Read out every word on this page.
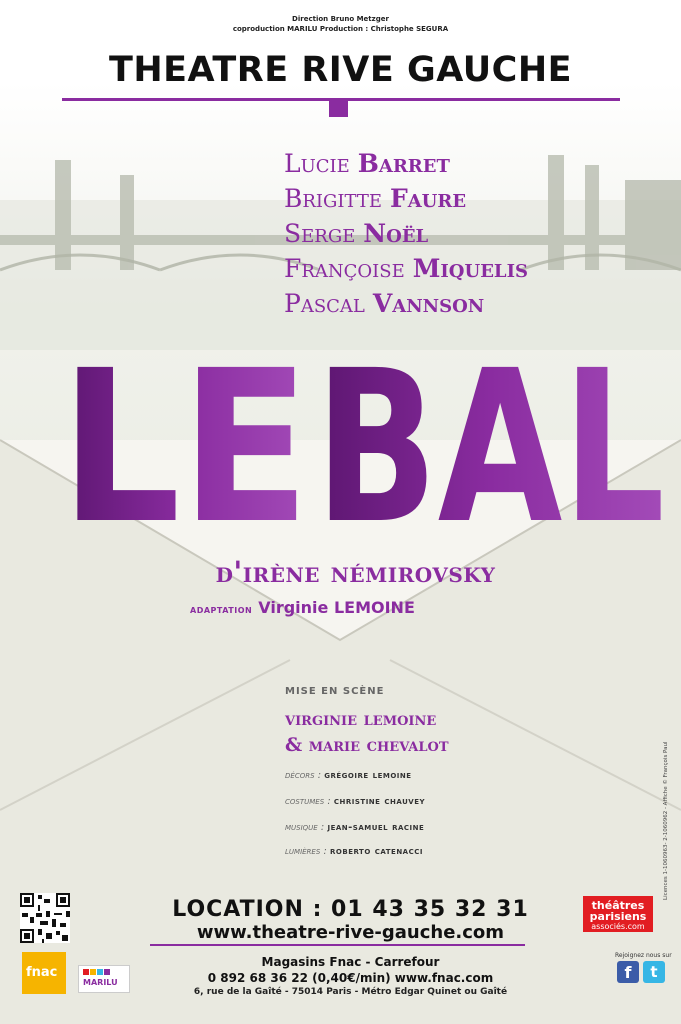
Direction Bruno Metzger
coproduction MARILU Production : Christophe SEGURA
THEATRE RIVE GAUCHE
Lucie Barret
Brigitte Faure
Serge Noël
Françoise Miquelis
Pascal Vannson
LE BAL
d'irène némirovsky
adaptation Virginie LEMOINE
MISE EN SCÈNE
virginie lemoine
& marie chevalot
décors : grégoire lemoine
costumes : christine chauvey
musique : jean-samuel racine
lumières : roberto catenacci	Licences 1-1060963- 2-1060962 - Affiche © François Paul
fnac
MARILU
LOCATION : 01 43 35 32 31
www.theatre-rive-gauche.com
Magasins Fnac - Carrefour
0 892 68 36 22 (0,40€/min) www.fnac.com
6, rue de la Gaîté - 75014 Paris - Métro Edgar Quinet ou Gaîté
théâtres
parisiens
associés.com
Rejoignez nous sur
f	t
